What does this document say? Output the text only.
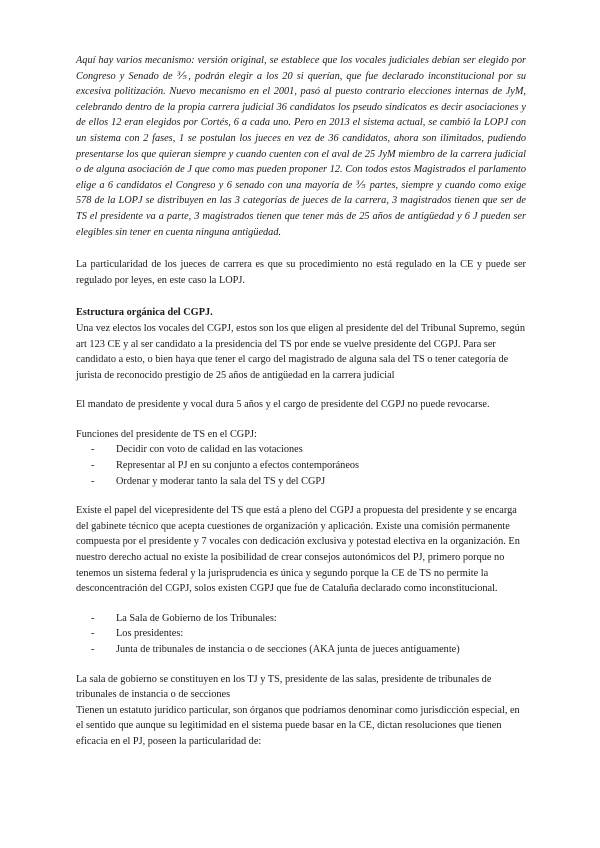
Aquí hay varios mecanismo: versión original, se establece que los vocales judiciales debían ser elegido por Congreso y Senado de ⅗, podrán elegir a los 20 si querían, que fue declarado inconstitucional por su excesiva politización. Nuevo mecanismo en el 2001, pasó al puesto contrario elecciones internas de JyM, celebrando dentro de la propia carrera judicial 36 candidatos los pseudo sindicatos es decir asociaciones y de ellos 12 eran elegidos por Cortés, 6 a cada uno. Pero en 2013 el sistema actual, se cambió la LOPJ con un sistema con 2 fases, 1 se postulan los jueces en vez de 36 candidatos, ahora son ilimitados, pudiendo presentarse los que quieran siempre y cuando cuenten con el aval de 25 JyM miembro de la carrera judicial o de alguna asociación de J que como mas pueden proponer 12. Con todos estos Magistrados el parlamento elige a 6 candidatos el Congreso y 6 senado con una mayoría de ⅗ partes, siempre y cuando como exige 578 de la LOPJ se distribuyen en las 3 categorías de jueces de la carrera, 3 magistrados tienen que ser de TS el presidente va a parte, 3 magistrados tienen que tener más de 25 años de antigüedad y 6 J pueden ser elegibles sin tener en cuenta ninguna antigüedad.

La particularidad de los jueces de carrera es que su procedimiento no está regulado en la CE y puede ser regulado por leyes, en este caso la LOPJ.

Estructura orgánica del CGPJ.

Una vez electos los vocales del CGPJ, estos son los que eligen al presidente del del Tribunal Supremo, según art 123 CE y al ser candidato a la presidencia del TS por ende se vuelve presidente del CGPJ. Para ser candidato a esto, o bien haya que tener el cargo del magistrado de alguna sala del TS o tener categoría de jurista de reconocido prestigio de 25 años de antigüedad en la carrera judicial

El mandato de presidente y vocal dura 5 años y el cargo de presidente del CGPJ no puede revocarse.

Funciones del presidente de TS en el CGPJ:

- Decidir con voto de calidad en las votaciones
- Representar al PJ en su conjunto a efectos contemporáneos
- Ordenar y moderar tanto la sala del TS y del CGPJ

Existe el papel del vicepresidente del TS que está a pleno del CGPJ a propuesta del presidente y se encarga del gabinete técnico que acepta cuestiones de organización y aplicación. Existe una comisión permanente compuesta por el presidente y 7 vocales con dedicación exclusiva y potestad electiva en la organización. En nuestro derecho actual no existe la posibilidad de crear consejos autonómicos del PJ, primero porque no tenemos un sistema federal y la jurisprudencia es única y segundo porque la CE de TS no permite la desconcentración del CGPJ, solos existen CGPJ que fue de Cataluña declarado como inconstitucional.

- La Sala de Gobierno de los Tribunales:
- Los presidentes:
- Junta de tribunales de instancia o de secciones (AKA junta de jueces antiguamente)

La sala de gobierno se constituyen en los TJ y TS, presidente de las salas, presidente de tribunales de tribunales de instancia o de secciones

Tienen un estatuto jurídico particular, son órganos que podríamos denominar como jurisdicción especial, en el sentido que aunque su legitimidad en el sistema puede basar en la CE, dictan resoluciones que tienen eficacia en el PJ, poseen la particularidad de:
